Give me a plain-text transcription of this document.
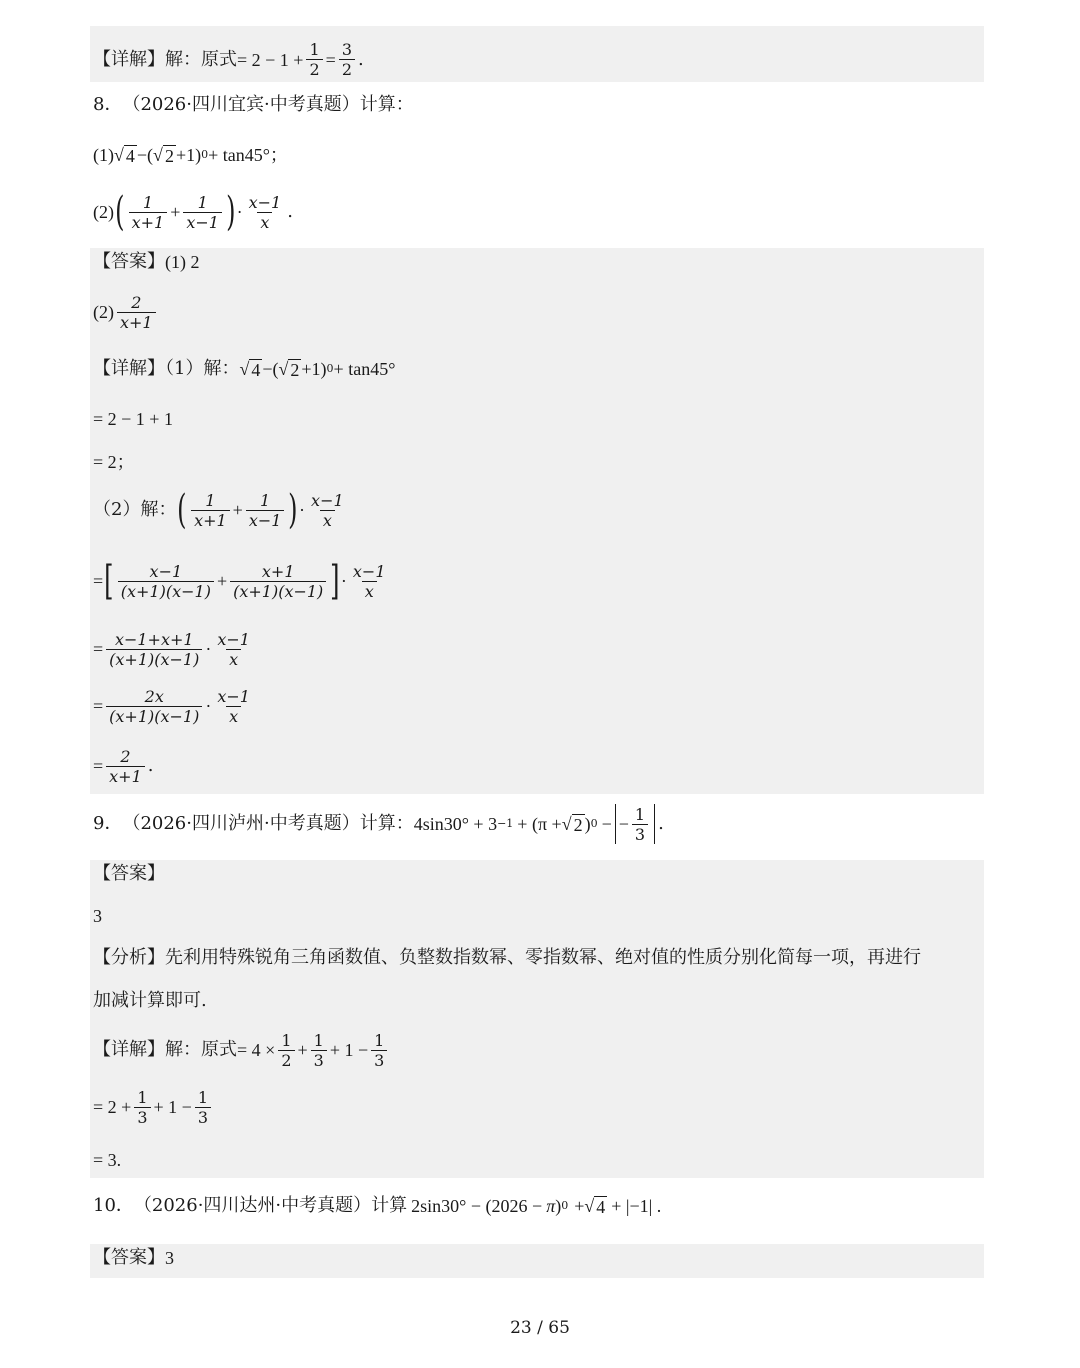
【详解】解：原式 = $2 - 1 + \frac{1}{2} = \frac{3}{2}$ .
8． （2026·四川宜宾·中考真题）计算：
(1) √ 4 −( √ 2 +1) 0 + tan45°；
(2) ( $\frac{1}{x+1} + \frac{1}{x-1}$ ) · $\frac{x-1}{x}$ .
【答案】 (1) 2
$(2) \frac{2}{x+1}$
【详解】（1）解： √ 4 −( √ 2 +1) 0 + tan45°
= 2 − 1 + 1
= 2；
（2）解： ( $\frac{1}{x+1} + \frac{1}{x-1}$ ) · $\frac{x-1}{x}$
= [ $\frac{x-1}{(x+1)(x-1)} + \frac{x+1}{(x+1)(x-1)}$ ] · $\frac{x-1}{x}$
= $\frac{x-1+x+1}{(x+1)(x-1)} \cdot \frac{x-1}{x}$
= $\frac{2x}{(x+1)(x-1)} \cdot \frac{x-1}{x}$
= $\frac{2}{x+1}$ .
9． （2026·四川泸州·中考真题）计算： 4sin30° + 3 −1 + (π + √ 2 ) 0 − − $\frac{1}{3}$ .
【答案】
3
【分析】 先利用特殊锐角三角函数值、负整数指数幂、零指数幂、绝对值的性质分别化简每一项，再进行
加减计算即可.
【详解】解：原式 = $4 \times \frac{1}{2} + \frac{1}{3} + 1 - \frac{1}{3}$
= $2 + \frac{1}{3} + 1 - \frac{1}{3}$
= 3.
10． （2026·四川达州·中考真题）计算 2sin30° − (2026 − π ) 0 + √ 4 + |−1| .
【答案】 3
23 / 65
